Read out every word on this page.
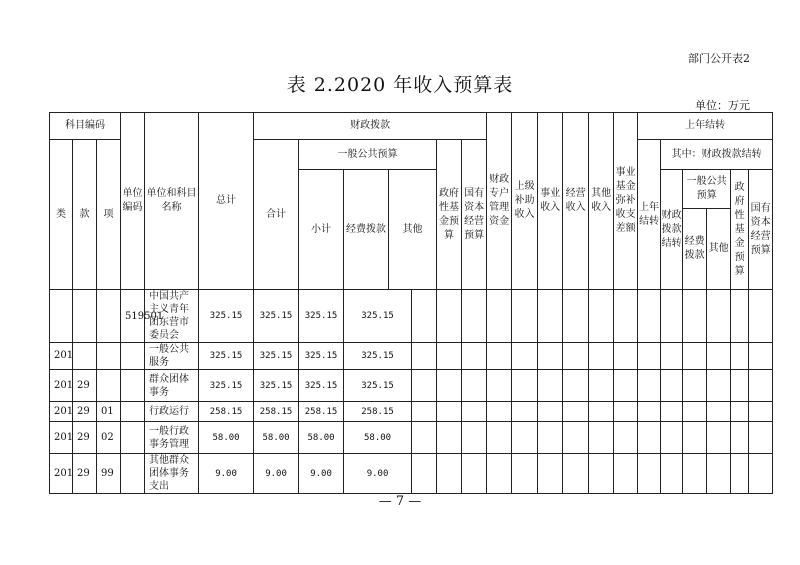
部门公开表2
表 2.2020 年收入预算表
单位：万元
科目编码			单位编码	单位和科目名称	总计	财政拨款							财政专户管理资金	上级补助收入	事业收入	经营收入	其他收入	事业基金弥补收支差额	上年结转					
类	款	项				合计	一般公共预算				政府性基金预算	国有资本经营预算							上年结转	其中：财政拨款结转				
							小计	经费拨款	其他											财政拨款结转	一般公共预算		政府性基金预算	国有资本经营预算

																					经费拨款	其他		
			519501	中国共产主义青年团东营市委员会	325.15	325.15	325.15	325.15																
201				一般公共服务	325.15	325.15	325.15	325.15																
201	29			群众团体事务	325.15	325.15	325.15	325.15																
201	29	01		行政运行	258.15	258.15	258.15	258.15																
201	29	02		一般行政事务管理	58.00	58.00	58.00	58.00																
201	29	99		其他群众团体事务支出	9.00	9.00	9.00	9.00																
— 7 —
